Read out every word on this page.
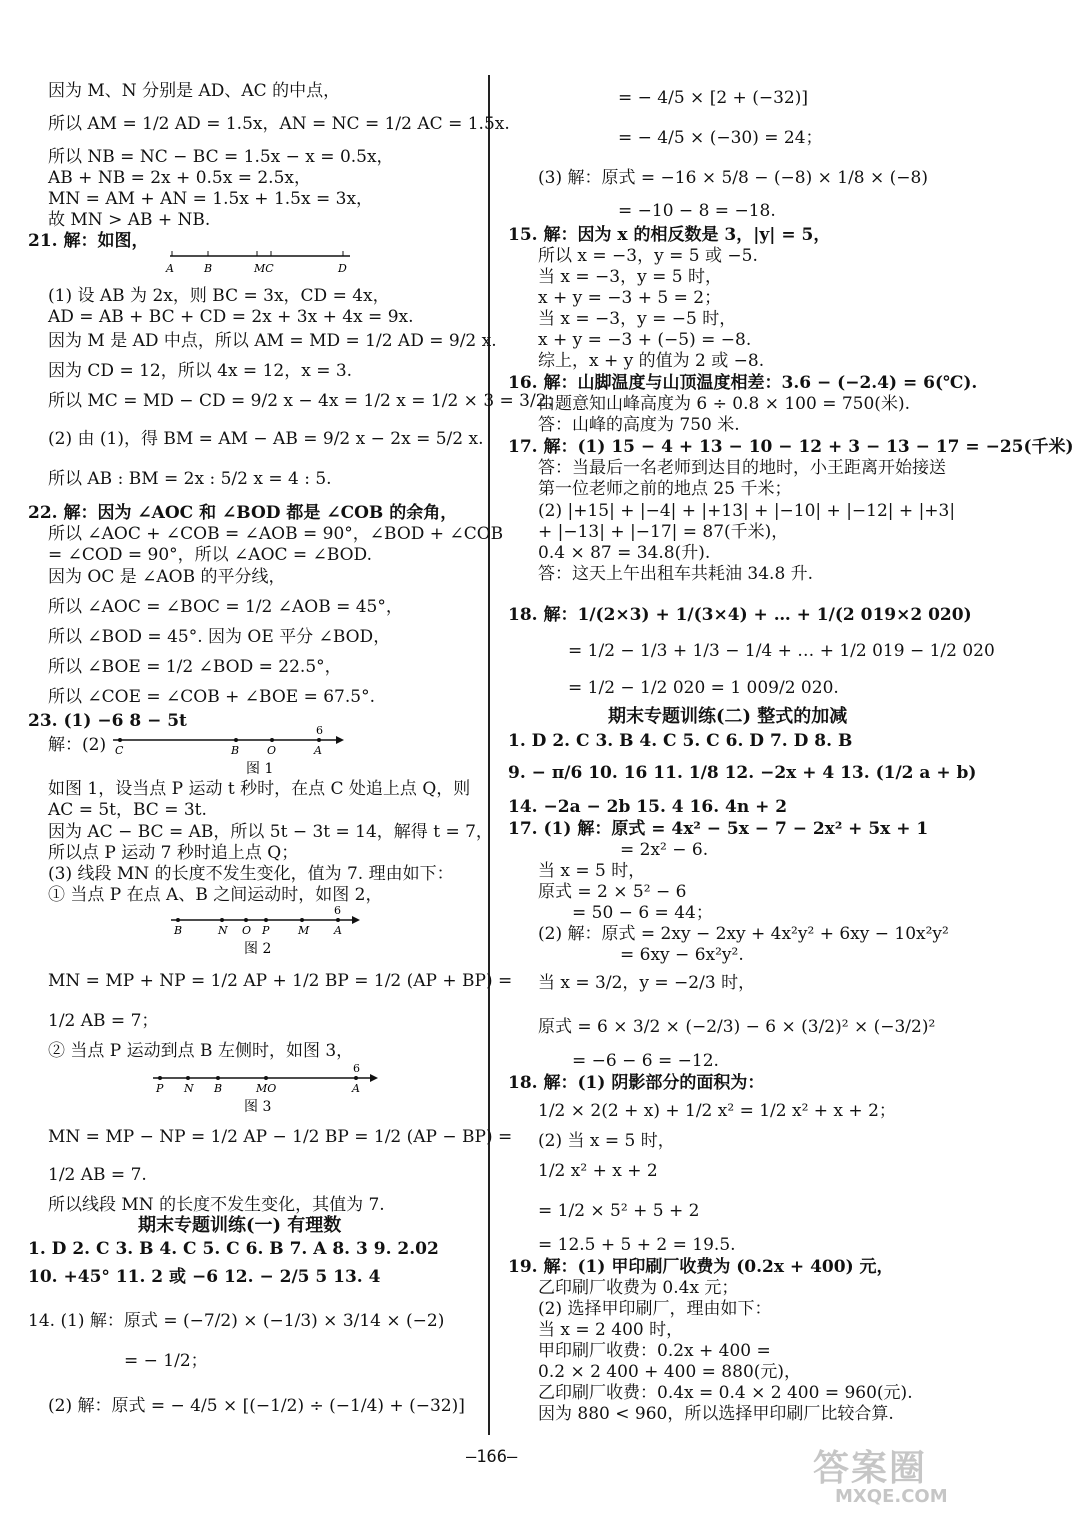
因为 M、N 分别是 AD、AC 的中点，
所以 AM = 1/2 AD = 1.5x，AN = NC = 1/2 AC = 1.5x.
所以 NB = NC − BC = 1.5x − x = 0.5x，
AB + NB = 2x + 0.5x = 2.5x，
MN = AM + AN = 1.5x + 1.5x = 3x，
故 MN > AB + NB.
21. 解：如图，
(1) 设 AB 为 2x，则 BC = 3x，CD = 4x，
AD = AB + BC + CD = 2x + 3x + 4x = 9x.
因为 M 是 AD 中点，所以 AM = MD = 1/2 AD = 9/2 x.
因为 CD = 12，所以 4x = 12，x = 3.
所以 MC = MD − CD = 9/2 x − 4x = 1/2 x = 1/2 × 3 = 3/2；
(2) 由 (1)，得 BM = AM − AB = 9/2 x − 2x = 5/2 x.
所以 AB : BM = 2x : 5/2 x = 4 : 5.
22. 解：因为 ∠AOC 和 ∠BOD 都是 ∠COB 的余角，
所以 ∠AOC + ∠COB = ∠AOB = 90°，∠BOD + ∠COB
= ∠COD = 90°，所以 ∠AOC = ∠BOD.
因为 OC 是 ∠AOB 的平分线，
所以 ∠AOC = ∠BOC = 1/2 ∠AOB = 45°，
所以 ∠BOD = 45°. 因为 OE 平分 ∠BOD，
所以 ∠BOE = 1/2 ∠BOD = 22.5°，
所以 ∠COE = ∠COB + ∠BOE = 67.5°.
23. (1) −6 8 − 5t
解：(2)
如图 1，设当点 P 运动 t 秒时，在点 C 处追上点 Q，则
AC = 5t，BC = 3t.
因为 AC − BC = AB，所以 5t − 3t = 14，解得 t = 7，
所以点 P 运动 7 秒时追上点 Q；
(3) 线段 MN 的长度不发生变化，值为 7. 理由如下：
① 当点 P 在点 A、B 之间运动时，如图 2，
MN = MP + NP = 1/2 AP + 1/2 BP = 1/2 (AP + BP) =
1/2 AB = 7；
② 当点 P 运动到点 B 左侧时，如图 3，
MN = MP − NP = 1/2 AP − 1/2 BP = 1/2 (AP − BP) =
1/2 AB = 7.
所以线段 MN 的长度不发生变化，其值为 7.
期末专题训练(一) 有理数
1. D 2. C 3. B 4. C 5. C 6. B 7. A 8. 3 9. 2.02
10. +45° 11. 2 或 −6 12. − 2/5 5 13. 4
14. (1) 解：原式 = (−7/2) × (−1/3) × 3/14 × (−2)
= − 1/2；
(2) 解：原式 = − 4/5 × [(−1/2) ÷ (−1/4) + (−32)]
= − 4/5 × [2 + (−32)]
= − 4/5 × (−30) = 24；
(3) 解：原式 = −16 × 5/8 − (−8) × 1/8 × (−8)
= −10 − 8 = −18.
15. 解：因为 x 的相反数是 3，|y| = 5，
所以 x = −3，y = 5 或 −5.
当 x = −3，y = 5 时，
x + y = −3 + 5 = 2；
当 x = −3，y = −5 时，
x + y = −3 + (−5) = −8.
综上，x + y 的值为 2 或 −8.
16. 解：山脚温度与山顶温度相差：3.6 − (−2.4) = 6(℃).
由题意知山峰高度为 6 ÷ 0.8 × 100 = 750(米).
答：山峰的高度为 750 米.
17. 解：(1) 15 − 4 + 13 − 10 − 12 + 3 − 13 − 17 = −25(千米)
答：当最后一名老师到达目的地时，小王距离开始接送
第一位老师之前的地点 25 千米；
(2) |+15| + |−4| + |+13| + |−10| + |−12| + |+3|
+ |−13| + |−17| = 87(千米)，
0.4 × 87 = 34.8(升).
答：这天上午出租车共耗油 34.8 升.
18. 解：1/(2×3) + 1/(3×4) + … + 1/(2 019×2 020)
= 1/2 − 1/3 + 1/3 − 1/4 + … + 1/2 019 − 1/2 020
= 1/2 − 1/2 020 = 1 009/2 020.
期末专题训练(二) 整式的加减
1. D 2. C 3. B 4. C 5. C 6. D 7. D 8. B
9. − π/6 10. 16 11. 1/8 12. −2x + 4 13. (1/2 a + b)
14. −2a − 2b 15. 4 16. 4n + 2
17. (1) 解：原式 = 4x² − 5x − 7 − 2x² + 5x + 1
= 2x² − 6.
当 x = 5 时，
原式 = 2 × 5² − 6
= 50 − 6 = 44；
(2) 解：原式 = 2xy − 2xy + 4x²y² + 6xy − 10x²y²
= 6xy − 6x²y².
当 x = 3/2，y = −2/3 时，
原式 = 6 × 3/2 × (−2/3) − 6 × (3/2)² × (−3/2)²
= −6 − 6 = −12.
18. 解：(1) 阴影部分的面积为：
1/2 × 2(2 + x) + 1/2 x² = 1/2 x² + x + 2；
(2) 当 x = 5 时，
1/2 x² + x + 2
= 1/2 × 5² + 5 + 2
= 12.5 + 5 + 2 = 19.5.
19. 解：(1) 甲印刷厂收费为 (0.2x + 400) 元，
乙印刷厂收费为 0.4x 元；
(2) 选择甲印刷厂，理由如下：
当 x = 2 400 时，
甲印刷厂收费：0.2x + 400 =
0.2 × 2 400 + 400 = 880(元)，
乙印刷厂收费：0.4x = 0.4 × 2 400 = 960(元).
因为 880 < 960，所以选择甲印刷厂比较合算.
A	B	MC	D
6
C	B	O	A
图 1
6
B	N O P	M A
图 2
6
P N B	MO	A
图 3
—166—	答案圈
MXQE.COM
